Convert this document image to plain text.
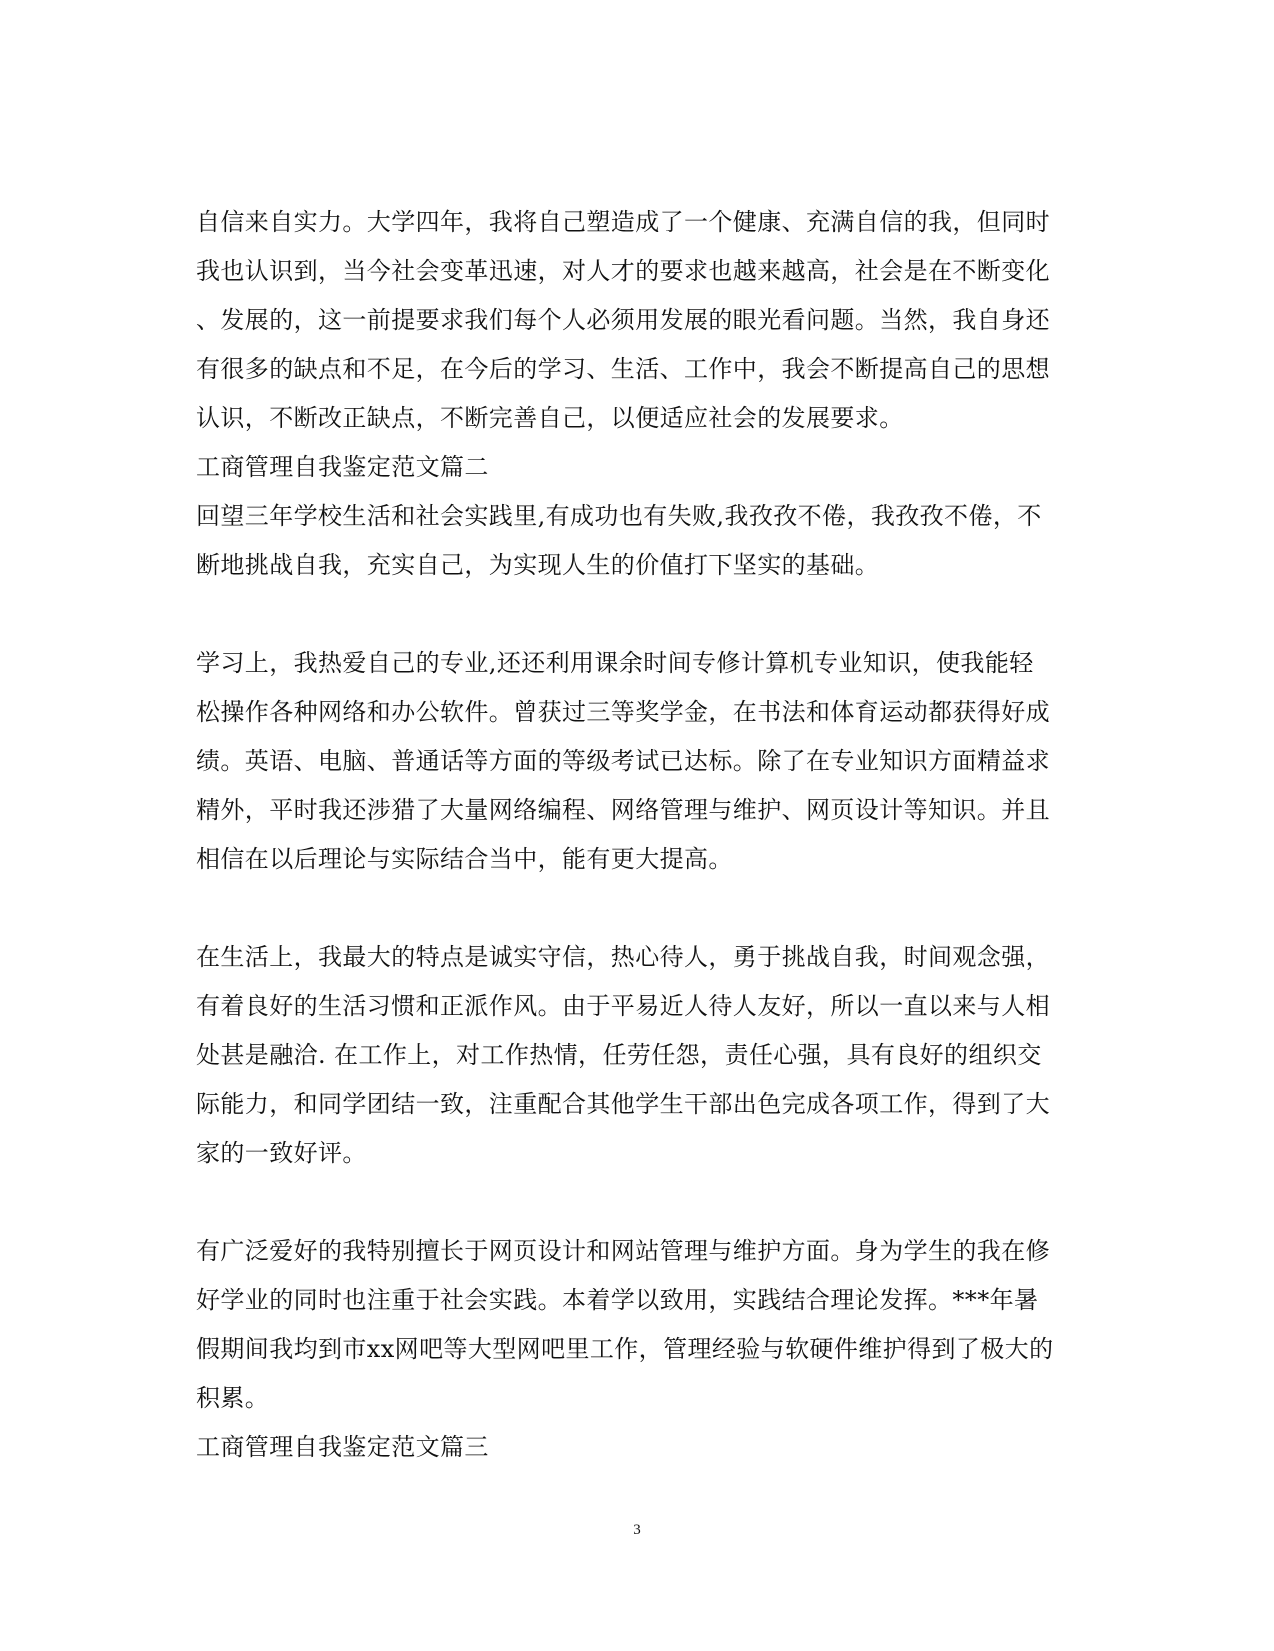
自信来自实力。大学四年，我将自己塑造成了一个健康、充满自信的我，但同时
我也认识到，当今社会变革迅速，对人才的要求也越来越高，社会是在不断变化
、发展的，这一前提要求我们每个人必须用发展的眼光看问题。当然，我自身还
有很多的缺点和不足，在今后的学习、生活、工作中，我会不断提高自己的思想
认识，不断改正缺点，不断完善自己，以便适应社会的发展要求。
工商管理自我鉴定范文篇二
回望三年学校生活和社会实践里,有成功也有失败,我孜孜不倦，我孜孜不倦，不
断地挑战自我，充实自己，为实现人生的价值打下坚实的基础。
学习上，我热爱自己的专业,还还利用课余时间专修计算机专业知识，使我能轻
松操作各种网络和办公软件。曾获过三等奖学金，在书法和体育运动都获得好成
绩。英语、电脑、普通话等方面的等级考试已达标。除了在专业知识方面精益求
精外，平时我还涉猎了大量网络编程、网络管理与维护、网页设计等知识。并且
相信在以后理论与实际结合当中，能有更大提高。
在生活上，我最大的特点是诚实守信，热心待人，勇于挑战自我，时间观念强，
有着良好的生活习惯和正派作风。由于平易近人待人友好，所以一直以来与人相
处甚是融洽. 在工作上，对工作热情，任劳任怨，责任心强，具有良好的组织交
际能力，和同学团结一致，注重配合其他学生干部出色完成各项工作，得到了大
家的一致好评。
有广泛爱好的我特别擅长于网页设计和网站管理与维护方面。身为学生的我在修
好学业的同时也注重于社会实践。本着学以致用，实践结合理论发挥。***年暑
假期间我均到市xx网吧等大型网吧里工作，管理经验与软硬件维护得到了极大的
积累。
工商管理自我鉴定范文篇三
3
